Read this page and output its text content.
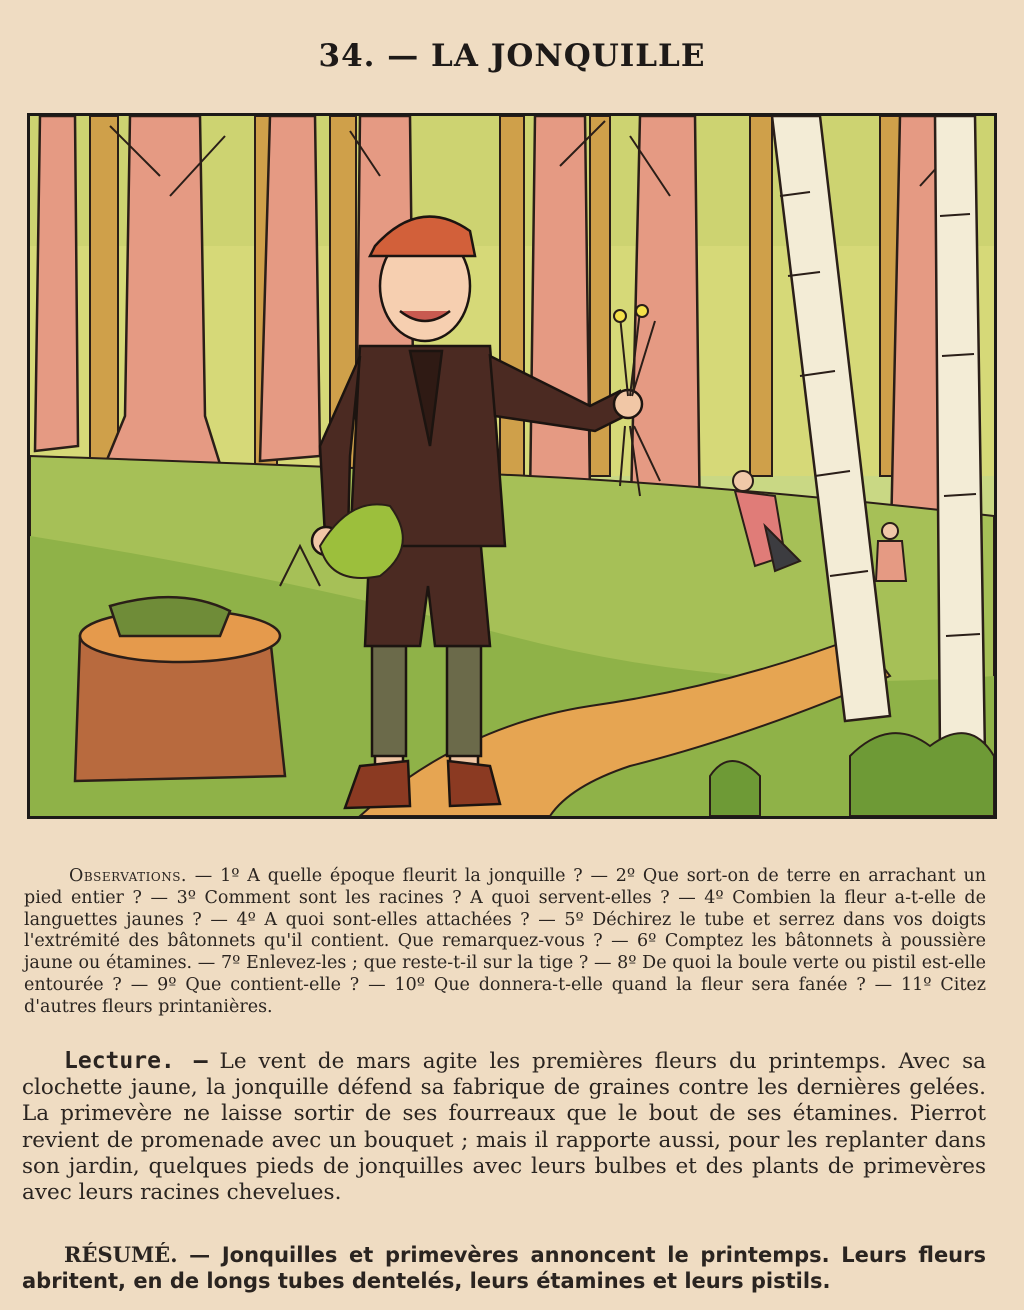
34. — LA JONQUILLE
Observations. — 1º A quelle époque fleurit la jonquille ? — 2º Que sort-on de terre en arrachant un pied entier ? — 3º Comment sont les racines ? A quoi servent-elles ? — 4º Combien la fleur a-t-elle de languettes jaunes ? — 4º A quoi sont-elles attachées ? — 5º Déchirez le tube et serrez dans vos doigts l'extrémité des bâtonnets qu'il contient. Que remarquez-vous ? — 6º Comptez les bâtonnets à poussière jaune ou étamines. — 7º Enlevez-les ; que reste-t-il sur la tige ? — 8º De quoi la boule verte ou pistil est-elle entourée ? — 9º Que contient-elle ? — 10º Que donnera-t-elle quand la fleur sera fanée ? — 11º Citez d'autres fleurs printanières.
Lecture. – Le vent de mars agite les premières fleurs du printemps. Avec sa clochette jaune, la jonquille défend sa fabrique de graines contre les dernières gelées. La primevère ne laisse sortir de ses fourreaux que le bout de ses étamines. Pierrot revient de promenade avec un bouquet ; mais il rapporte aussi, pour les replanter dans son jardin, quelques pieds de jonquilles avec leurs bulbes et des plants de primevères avec leurs racines chevelues.
RÉSUMÉ. — Jonquilles et primevères annoncent le printemps. Leurs fleurs abritent, en de longs tubes dentelés, leurs étamines et leurs pistils.
